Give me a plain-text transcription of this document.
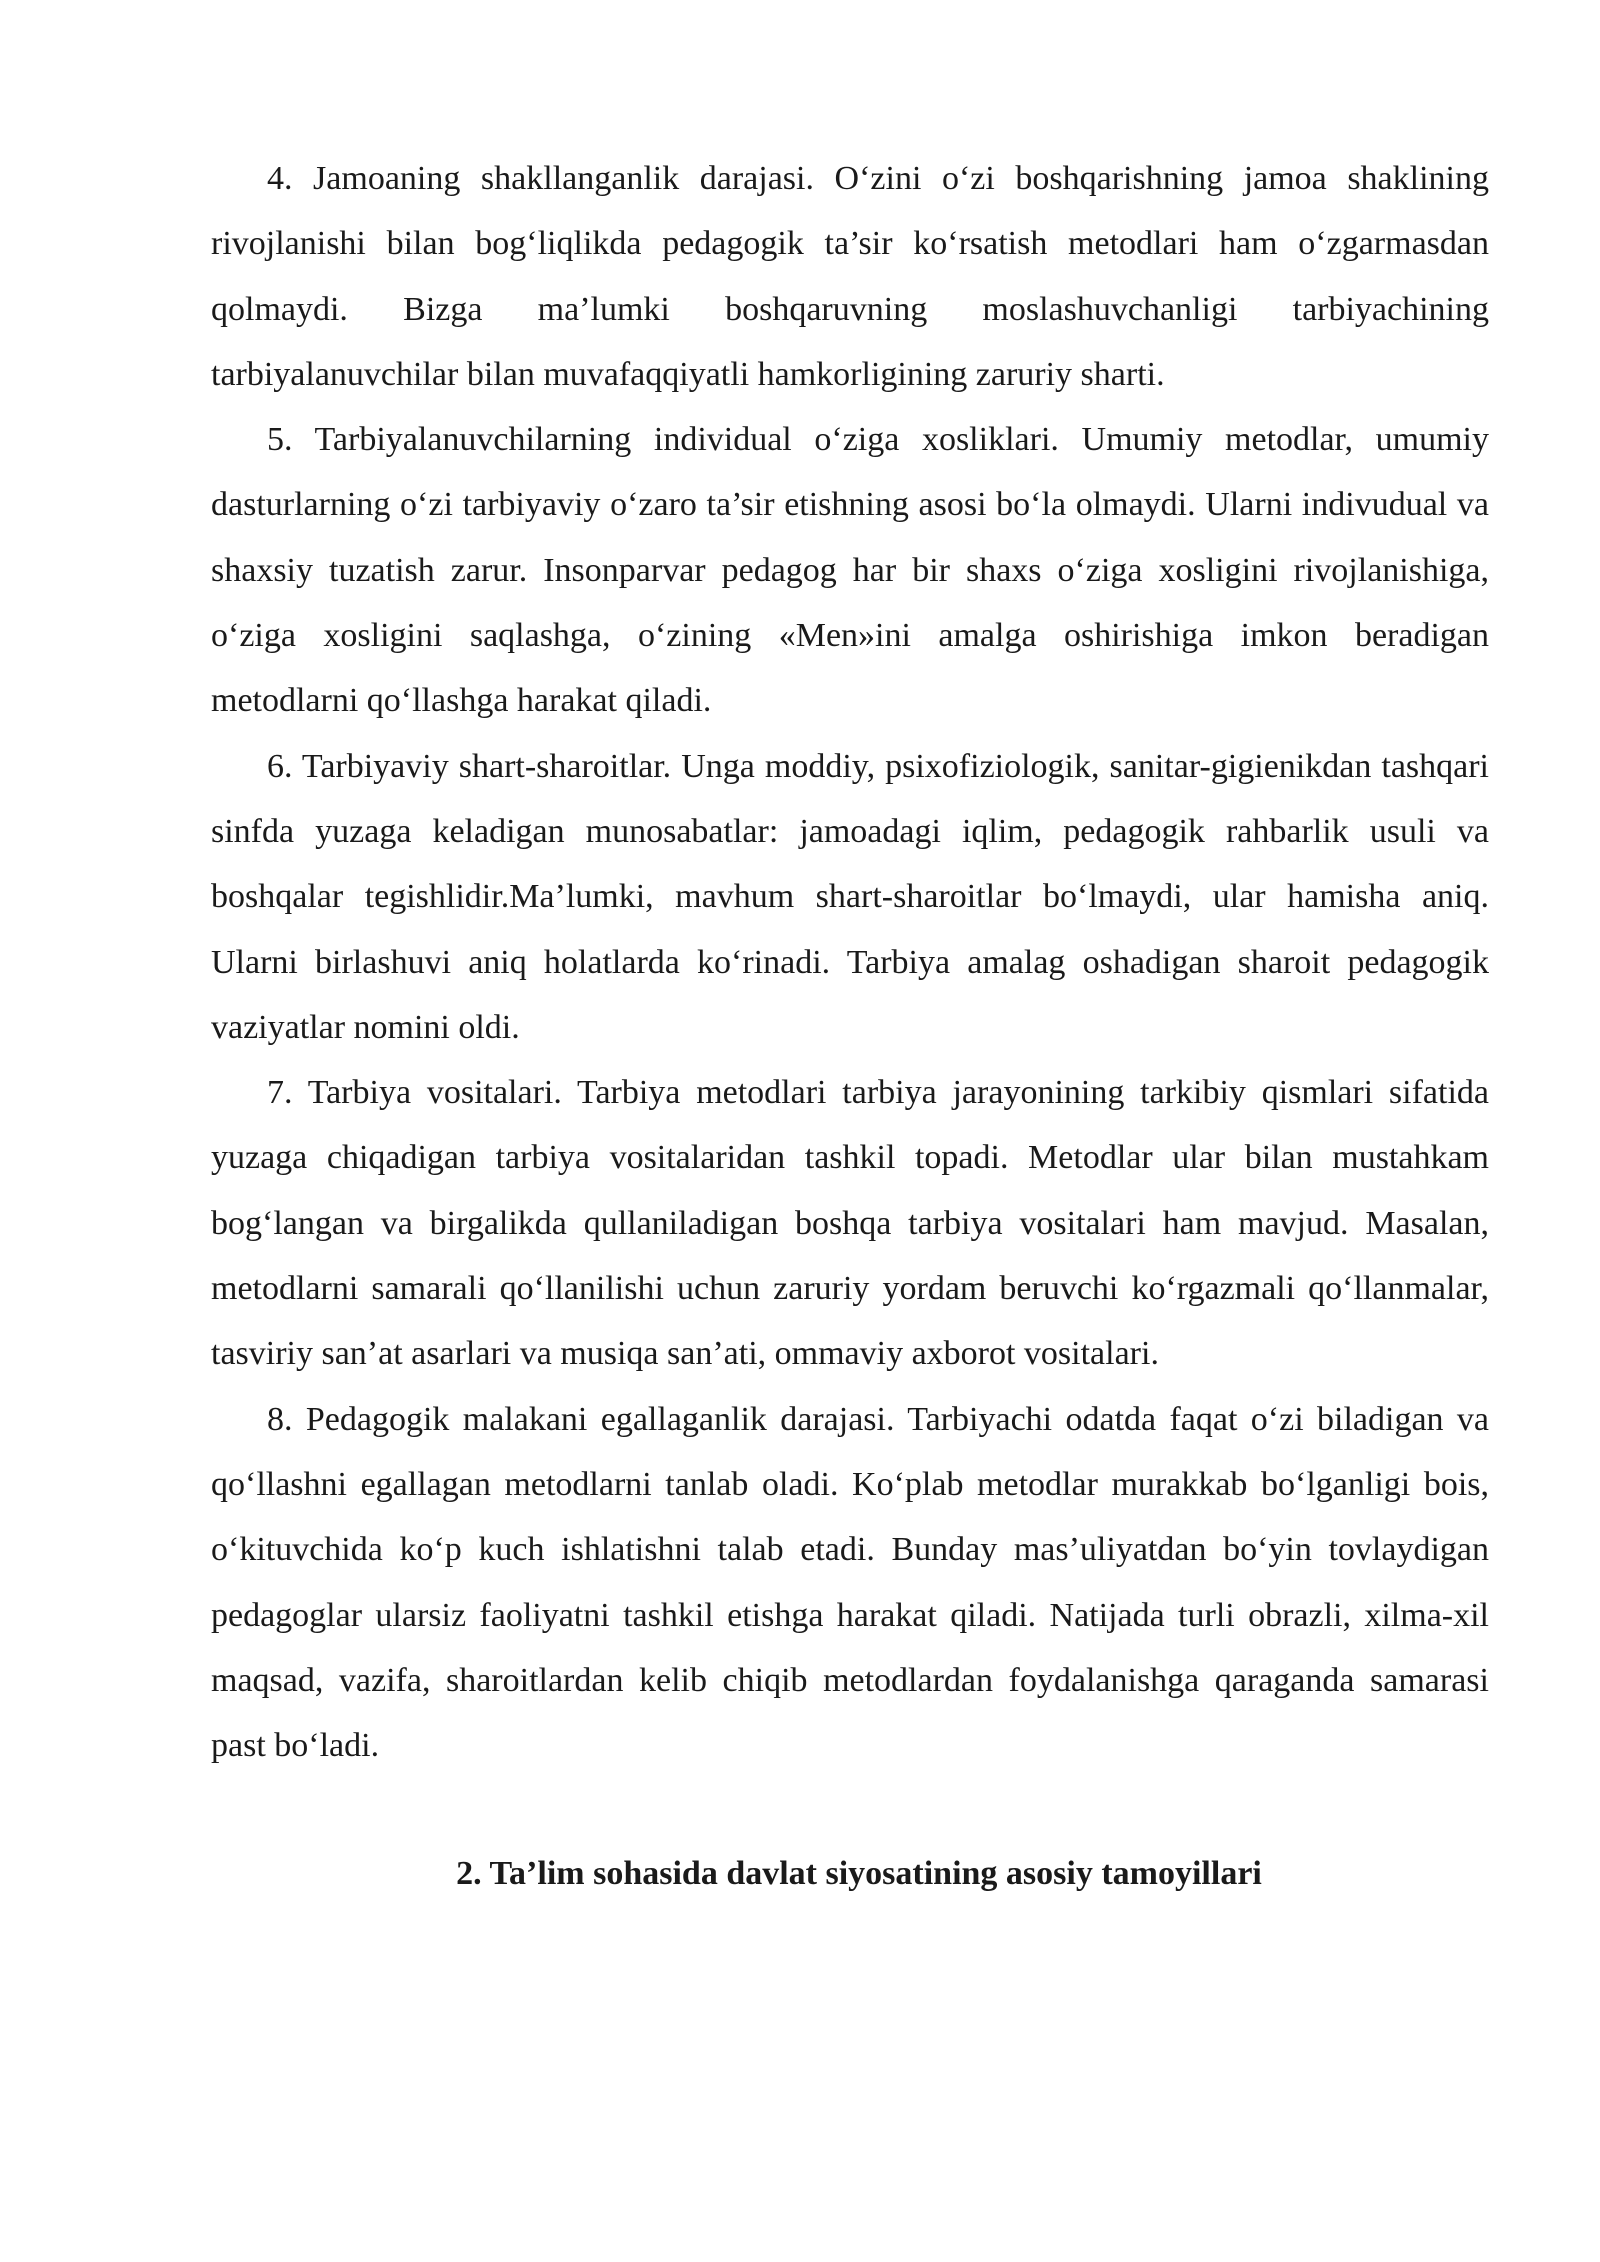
4. Jamoaning shakllanganlik darajasi. O‘zini o‘zi boshqarishning jamoa shaklining rivojlanishi bilan bog‘liqlikda pedagogik ta’sir ko‘rsatish metodlari ham o‘zgarmasdan qolmaydi. Bizga ma’lumki boshqaruvning moslashuvchanligi tarbiyachining tarbiyalanuvchilar bilan muvafaqqiyatli hamkorligining zaruriy sharti.

5. Tarbiyalanuvchilarning individual o‘ziga xosliklari. Umumiy metodlar, umumiy dasturlarning o‘zi tarbiyaviy o‘zaro ta’sir etishning asosi bo‘la olmaydi. Ularni indivudual va shaxsiy tuzatish zarur. Insonparvar pedagog har bir shaxs o‘ziga xosligini rivojlanishiga, o‘ziga xosligini saqlashga, o‘zining «Men»ini amalga oshirishiga imkon beradigan metodlarni qo‘llashga harakat qiladi.

6. Tarbiyaviy shart-sharoitlar. Unga moddiy, psixofiziologik, sanitar-gigienikdan tashqari sinfda yuzaga keladigan munosabatlar: jamoadagi iqlim, pedagogik rahbarlik usuli va boshqalar tegishlidir.Ma’lumki, mavhum shart-sharoitlar bo‘lmaydi, ular hamisha aniq. Ularni birlashuvi aniq holatlarda ko‘rinadi. Tarbiya amalag oshadigan sharoit pedagogik vaziyatlar nomini oldi.

7. Tarbiya vositalari. Tarbiya metodlari tarbiya jarayonining tarkibiy qismlari sifatida yuzaga chiqadigan tarbiya vositalaridan tashkil topadi. Metodlar ular bilan mustahkam bog‘langan va birgalikda qullaniladigan boshqa tarbiya vositalari ham mavjud. Masalan, metodlarni samarali qo‘llanilishi uchun zaruriy yordam beruvchi ko‘rgazmali qo‘llanmalar, tasviriy san’at asarlari va musiqa san’ati, ommaviy axborot vositalari.

8. Pedagogik malakani egallaganlik darajasi. Tarbiyachi odatda faqat o‘zi biladigan va qo‘llashni egallagan metodlarni tanlab oladi. Ko‘plab metodlar murakkab bo‘lganligi bois, o‘kituvchida ko‘p kuch ishlatishni talab etadi. Bunday mas’uliyatdan bo‘yin tovlaydigan pedagoglar ularsiz faoliyatni tashkil etishga harakat qiladi. Natijada turli obrazli, xilma-xil maqsad, vazifa, sharoitlardan kelib chiqib metodlardan foydalanishga qaraganda samarasi past bo‘ladi.

2. Ta’lim sohasida davlat siyosatining asosiy tamoyillari
